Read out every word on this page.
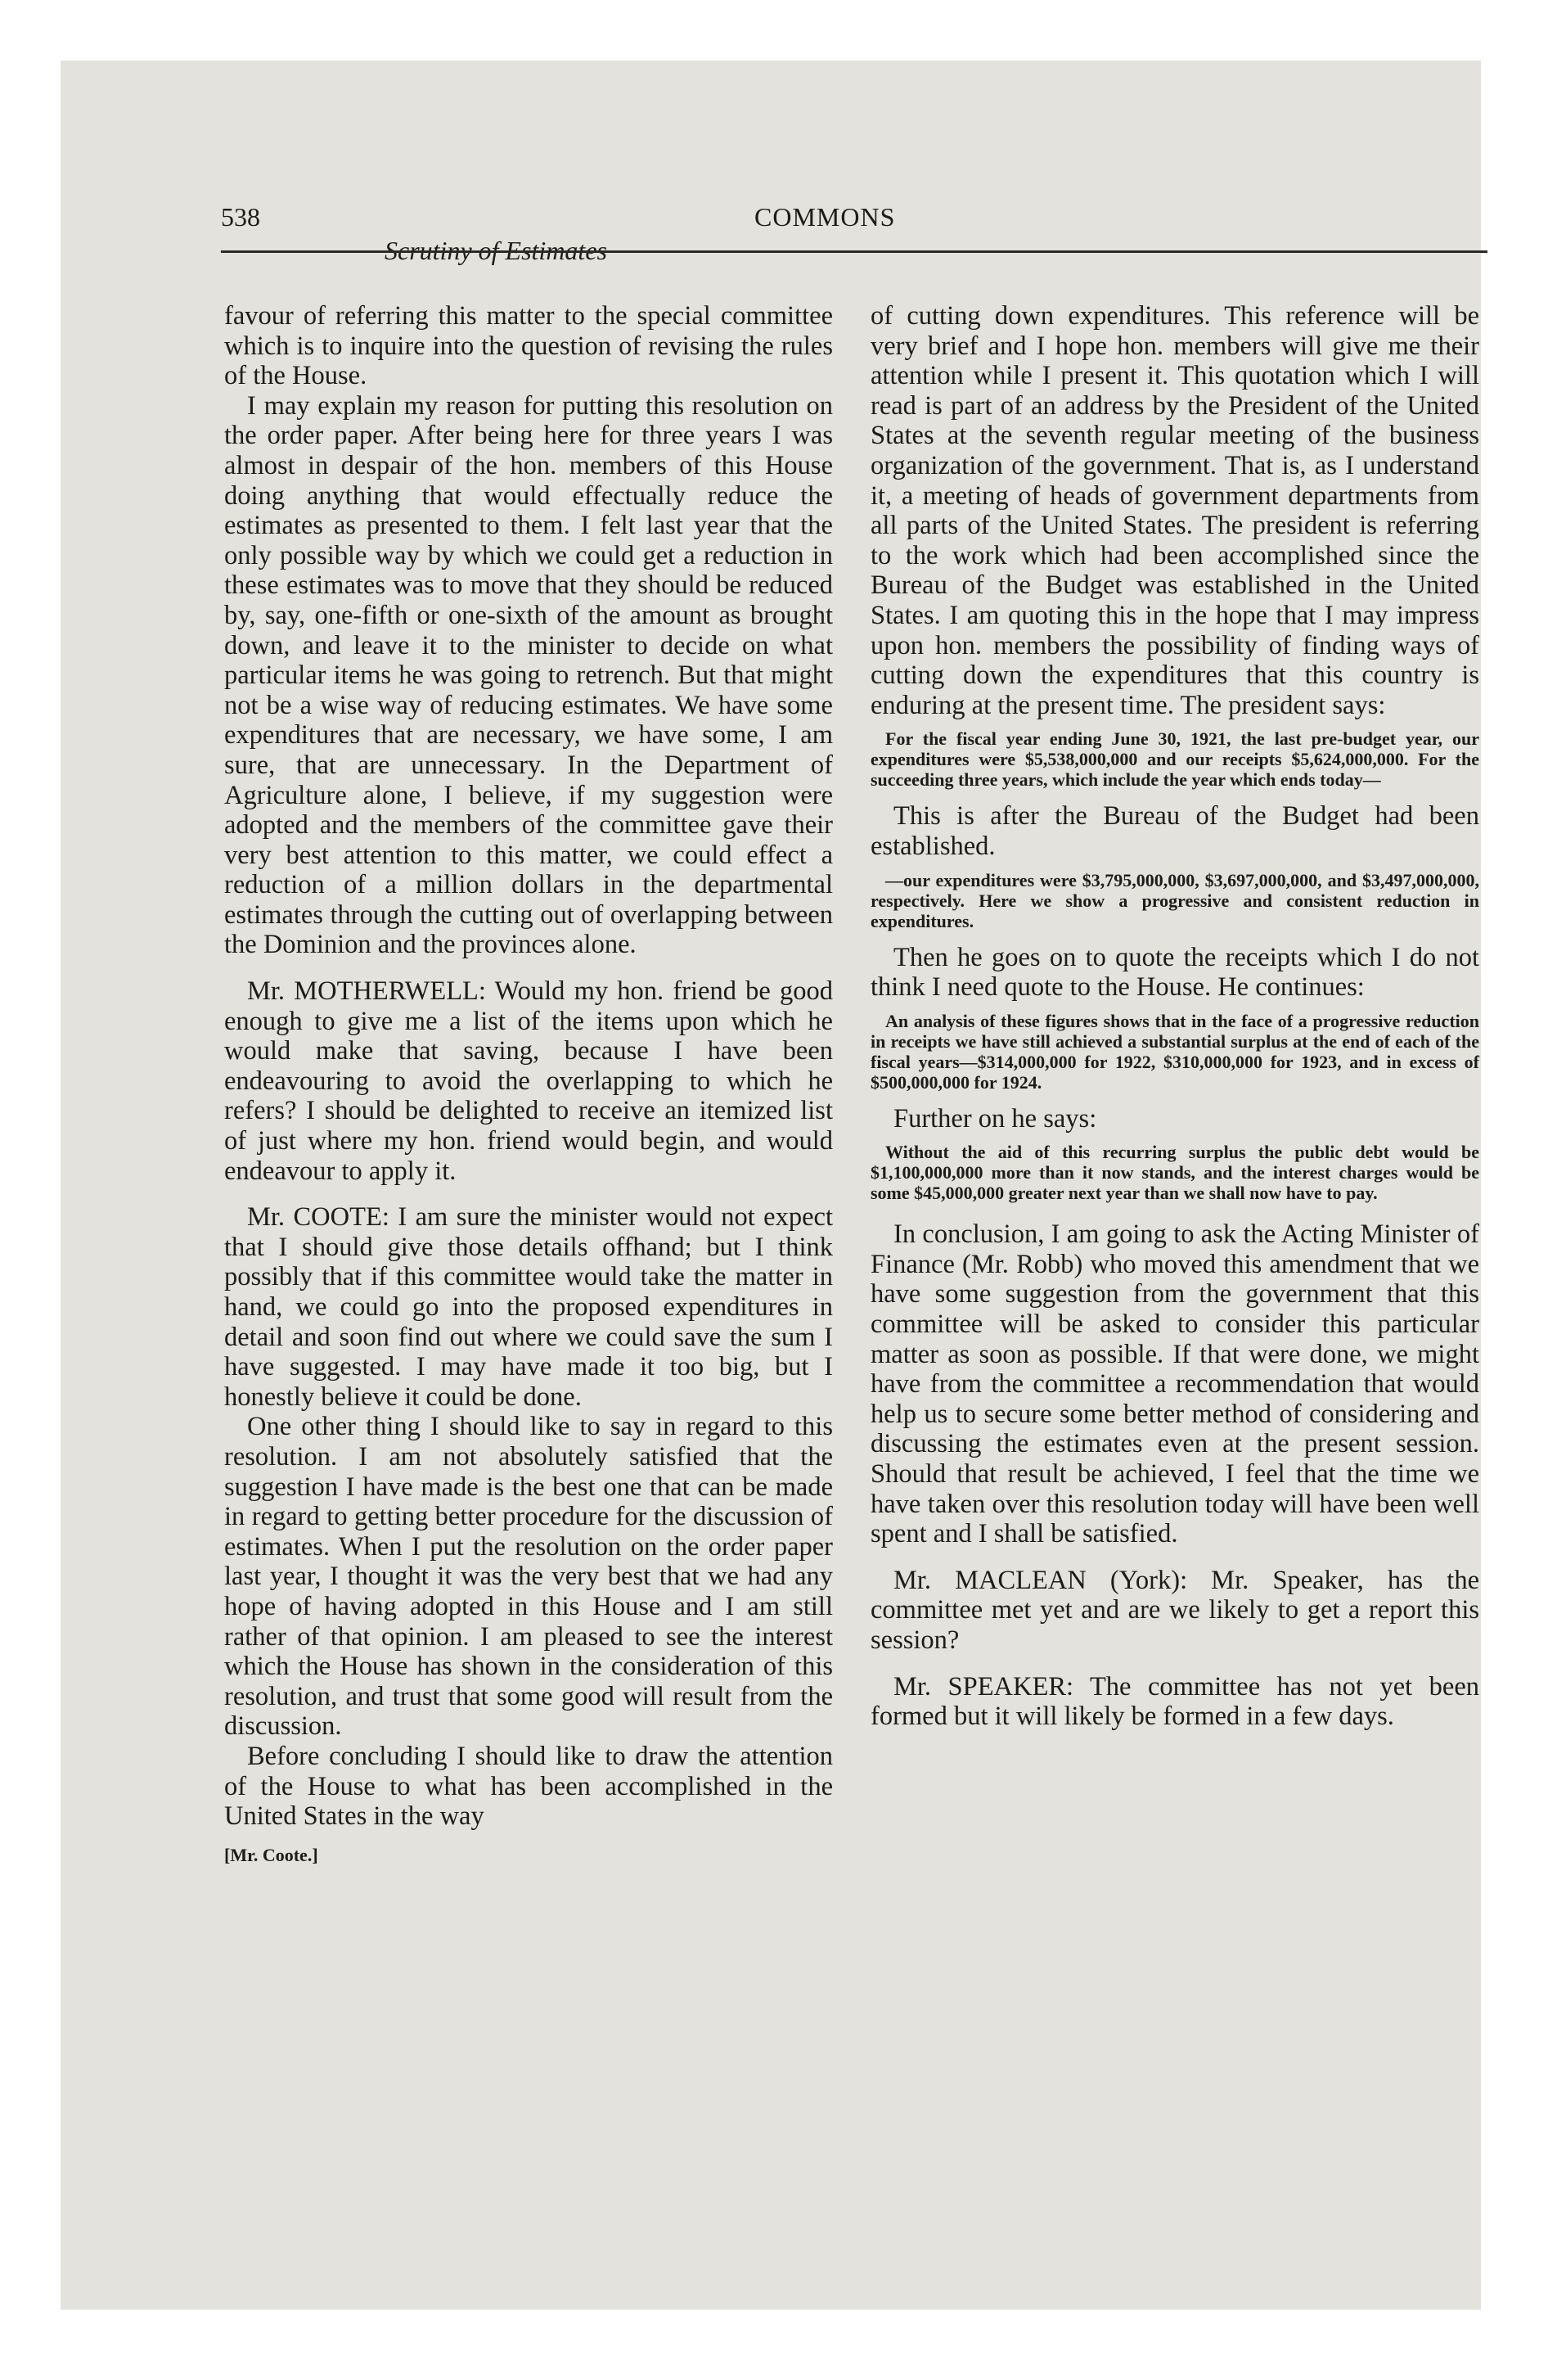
538	COMMONS
Scrutiny of Estimates

favour of referring this matter to the special committee which is to inquire into the question of revising the rules of the House.

I may explain my reason for putting this resolution on the order paper. After being here for three years I was almost in despair of the hon. members of this House doing anything that would effectually reduce the estimates as presented to them. I felt last year that the only possible way by which we could get a reduction in these estimates was to move that they should be reduced by, say, one-fifth or one-sixth of the amount as brought down, and leave it to the minister to decide on what particular items he was going to retrench. But that might not be a wise way of reducing estimates. We have some expenditures that are necessary, we have some, I am sure, that are unnecessary. In the Department of Agriculture alone, I believe, if my suggestion were adopted and the members of the committee gave their very best attention to this matter, we could effect a reduction of a million dollars in the departmental estimates through the cutting out of overlapping between the Dominion and the provinces alone.

Mr. MOTHERWELL: Would my hon. friend be good enough to give me a list of the items upon which he would make that saving, because I have been endeavouring to avoid the overlapping to which he refers? I should be delighted to receive an itemized list of just where my hon. friend would begin, and would endeavour to apply it.

Mr. COOTE: I am sure the minister would not expect that I should give those details offhand; but I think possibly that if this committee would take the matter in hand, we could go into the proposed expenditures in detail and soon find out where we could save the sum I have suggested. I may have made it too big, but I honestly believe it could be done.

One other thing I should like to say in regard to this resolution. I am not absolutely satisfied that the suggestion I have made is the best one that can be made in regard to getting better procedure for the discussion of estimates. When I put the resolution on the order paper last year, I thought it was the very best that we had any hope of having adopted in this House and I am still rather of that opinion. I am pleased to see the interest which the House has shown in the consideration of this resolution, and trust that some good will result from the discussion.

Before concluding I should like to draw the attention of the House to what has been accomplished in the United States in the way

[Mr. Coote.]

of cutting down expenditures. This reference will be very brief and I hope hon. members will give me their attention while I present it. This quotation which I will read is part of an address by the President of the United States at the seventh regular meeting of the business organization of the government. That is, as I understand it, a meeting of heads of government departments from all parts of the United States. The president is referring to the work which had been accomplished since the Bureau of the Budget was established in the United States. I am quoting this in the hope that I may impress upon hon. members the possibility of finding ways of cutting down the expenditures that this country is enduring at the present time. The president says:

For the fiscal year ending June 30, 1921, the last pre-budget year, our expenditures were $5,538,000,000 and our receipts $5,624,000,000. For the succeeding three years, which include the year which ends today—

This is after the Bureau of the Budget had been established.

—our expenditures were $3,795,000,000, $3,697,000,000, and $3,497,000,000, respectively. Here we show a progressive and consistent reduction in expenditures.

Then he goes on to quote the receipts which I do not think I need quote to the House. He continues:

An analysis of these figures shows that in the face of a progressive reduction in receipts we have still achieved a substantial surplus at the end of each of the fiscal years—$314,000,000 for 1922, $310,000,000 for 1923, and in excess of $500,000,000 for 1924.

Further on he says:

Without the aid of this recurring surplus the public debt would be $1,100,000,000 more than it now stands, and the interest charges would be some $45,000,000 greater next year than we shall now have to pay.

In conclusion, I am going to ask the Acting Minister of Finance (Mr. Robb) who moved this amendment that we have some suggestion from the government that this committee will be asked to consider this particular matter as soon as possible. If that were done, we might have from the committee a recommendation that would help us to secure some better method of considering and discussing the estimates even at the present session. Should that result be achieved, I feel that the time we have taken over this resolution today will have been well spent and I shall be satisfied.

Mr. MACLEAN (York): Mr. Speaker, has the committee met yet and are we likely to get a report this session?

Mr. SPEAKER: The committee has not yet been formed but it will likely be formed in a few days.
